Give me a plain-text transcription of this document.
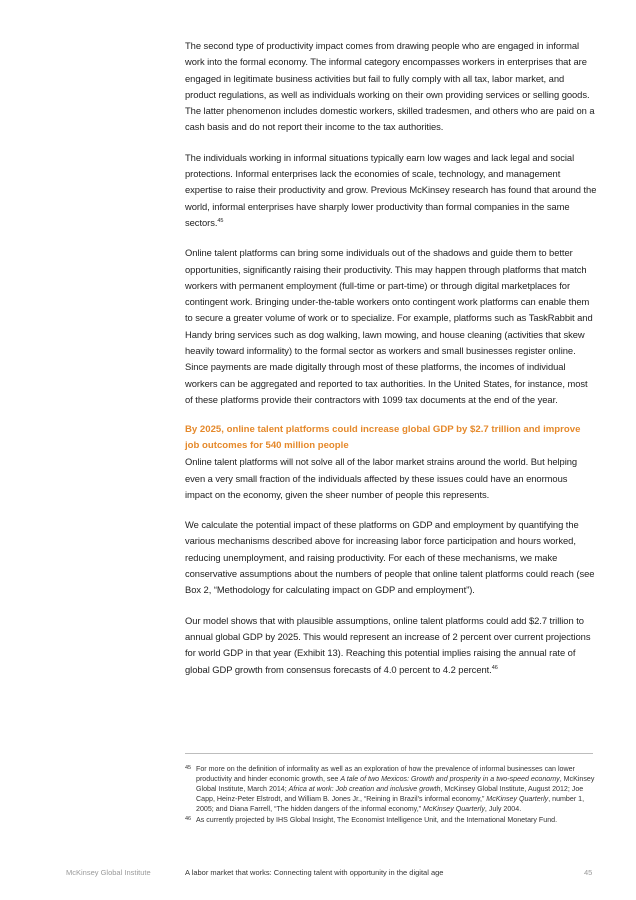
The second type of productivity impact comes from drawing people who are engaged in informal work into the formal economy. The informal category encompasses workers in enterprises that are engaged in legitimate business activities but fail to fully comply with all tax, labor market, and product regulations, as well as individuals working on their own providing services or selling goods. The latter phenomenon includes domestic workers, skilled tradesmen, and others who are paid on a cash basis and do not report their income to the tax authorities.

The individuals working in informal situations typically earn low wages and lack legal and social protections. Informal enterprises lack the economies of scale, technology, and management expertise to raise their productivity and grow. Previous McKinsey research has found that around the world, informal enterprises have sharply lower productivity than formal companies in the same sectors.$^{45}$

Online talent platforms can bring some individuals out of the shadows and guide them to better opportunities, significantly raising their productivity. This may happen through platforms that match workers with permanent employment (full-time or part-time) or through digital marketplaces for contingent work. Bringing under-the-table workers onto contingent work platforms can enable them to secure a greater volume of work or to specialize. For example, platforms such as TaskRabbit and Handy bring services such as dog walking, lawn mowing, and house cleaning (activities that skew heavily toward informality) to the formal sector as workers and small businesses register online. Since payments are made digitally through most of these platforms, the incomes of individual workers can be aggregated and reported to tax authorities. In the United States, for instance, most of these platforms provide their contractors with 1099 tax documents at the end of the year.

By 2025, online talent platforms could increase global GDP by $2.7 trillion and improve job outcomes for 540 million people

Online talent platforms will not solve all of the labor market strains around the world. But helping even a very small fraction of the individuals affected by these issues could have an enormous impact on the economy, given the sheer number of people this represents.

We calculate the potential impact of these platforms on GDP and employment by quantifying the various mechanisms described above for increasing labor force participation and hours worked, reducing unemployment, and raising productivity. For each of these mechanisms, we make conservative assumptions about the numbers of people that online talent platforms could reach (see Box 2, “Methodology for calculating impact on GDP and employment”).

Our model shows that with plausible assumptions, online talent platforms could add $2.7 trillion to annual global GDP by 2025. This would represent an increase of 2 percent over current projections for world GDP in that year (Exhibit 13). Reaching this potential implies raising the annual rate of global GDP growth from consensus forecasts of 4.0 percent to 4.2 percent.$^{46}$

45 For more on the definition of informality as well as an exploration of how the prevalence of informal businesses can lower productivity and hinder economic growth, see A tale of two Mexicos: Growth and prosperity in a two-speed economy, McKinsey Global Institute, March 2014; Africa at work: Job creation and inclusive growth, McKinsey Global Institute, August 2012; Joe Capp, Heinz-Peter Elstrodt, and William B. Jones Jr., “Reining in Brazil’s informal economy,” McKinsey Quarterly, number 1, 2005; and Diana Farrell, “The hidden dangers of the informal economy,” McKinsey Quarterly, July 2004.

46 As currently projected by IHS Global Insight, The Economist Intelligence Unit, and the International Monetary Fund.

McKinsey Global Institute	A labor market that works: Connecting talent with opportunity in the digital age	45
